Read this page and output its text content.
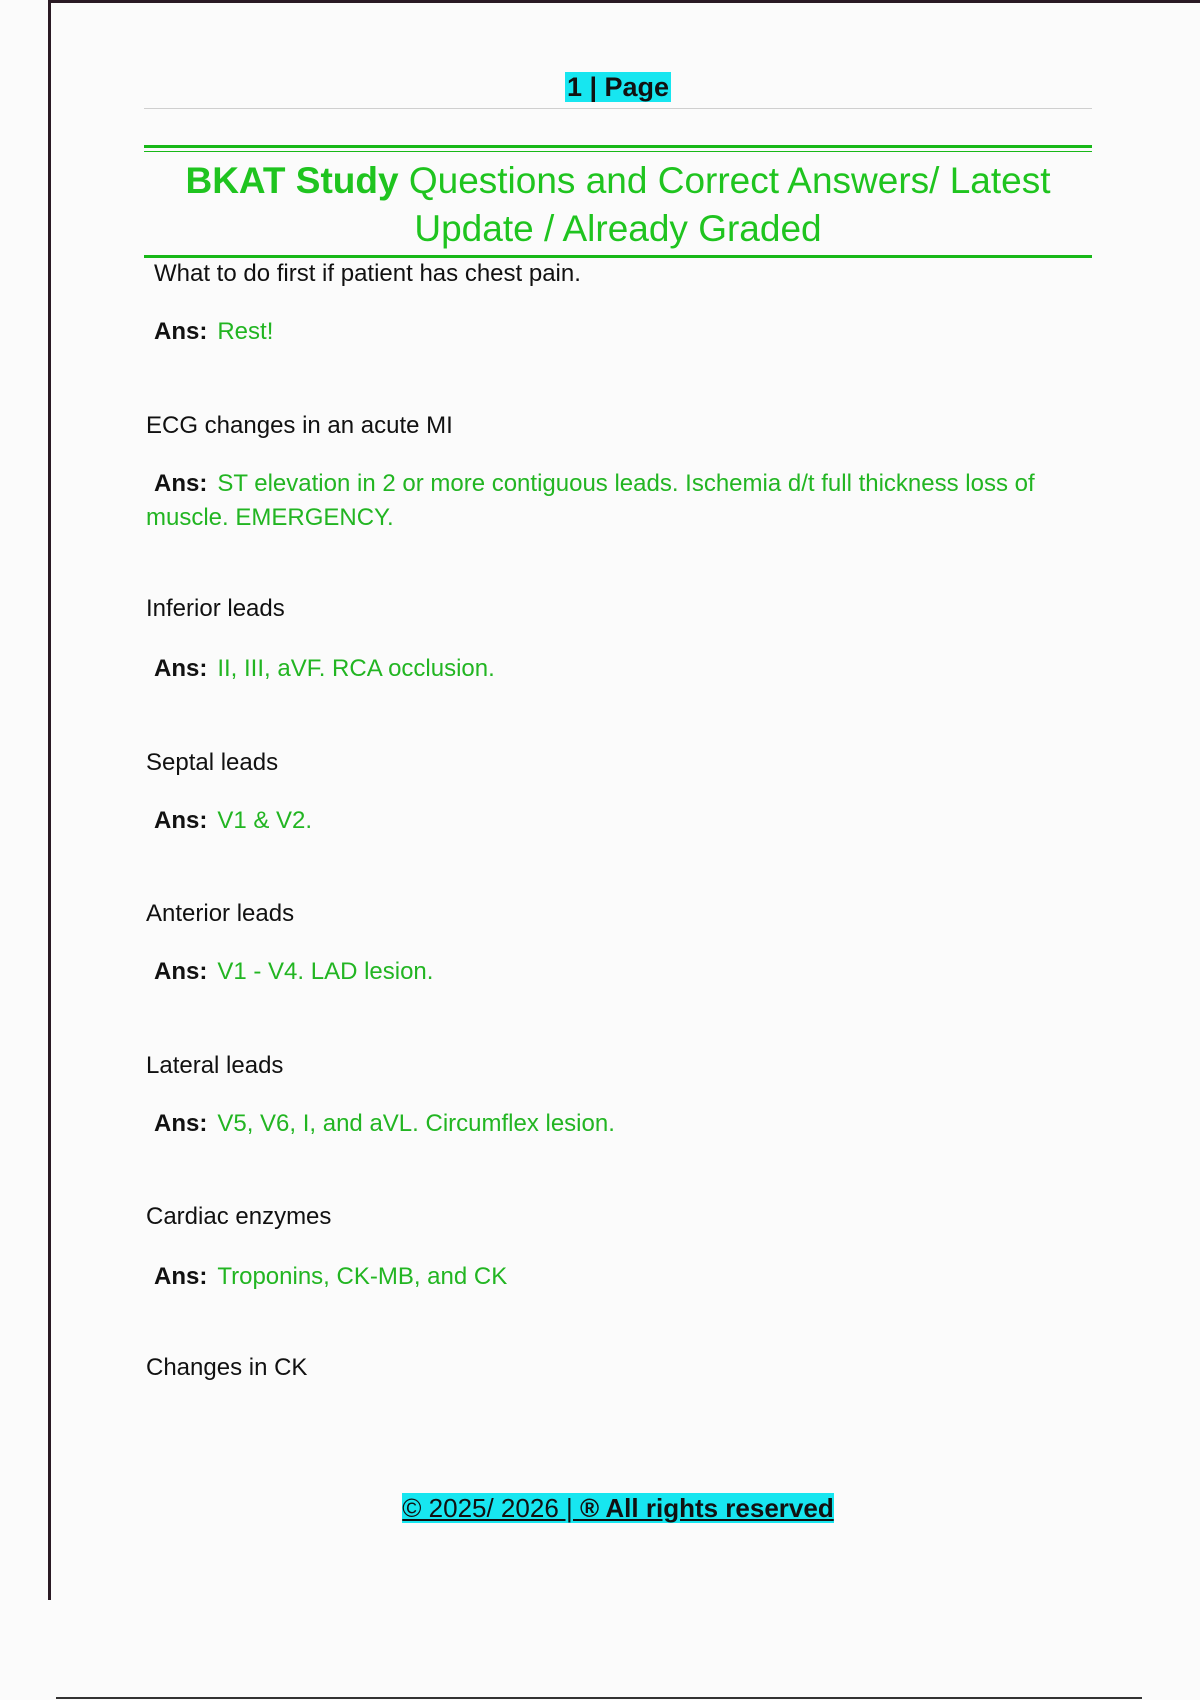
1 | Page
BKAT Study Questions and Correct Answers/ Latest Update / Already Graded
What to do first if patient has chest pain.
Ans: Rest!
ECG changes in an acute MI
Ans: ST elevation in 2 or more contiguous leads. Ischemia d/t full thickness loss of muscle. EMERGENCY.
Inferior leads
Ans: II, III, aVF. RCA occlusion.
Septal leads
Ans: V1 & V2.
Anterior leads
Ans: V1 - V4. LAD lesion.
Lateral leads
Ans: V5, V6, I, and aVL. Circumflex lesion.
Cardiac enzymes
Ans: Troponins, CK-MB, and CK
Changes in CK
© 2025/ 2026 | ® All rights reserved
